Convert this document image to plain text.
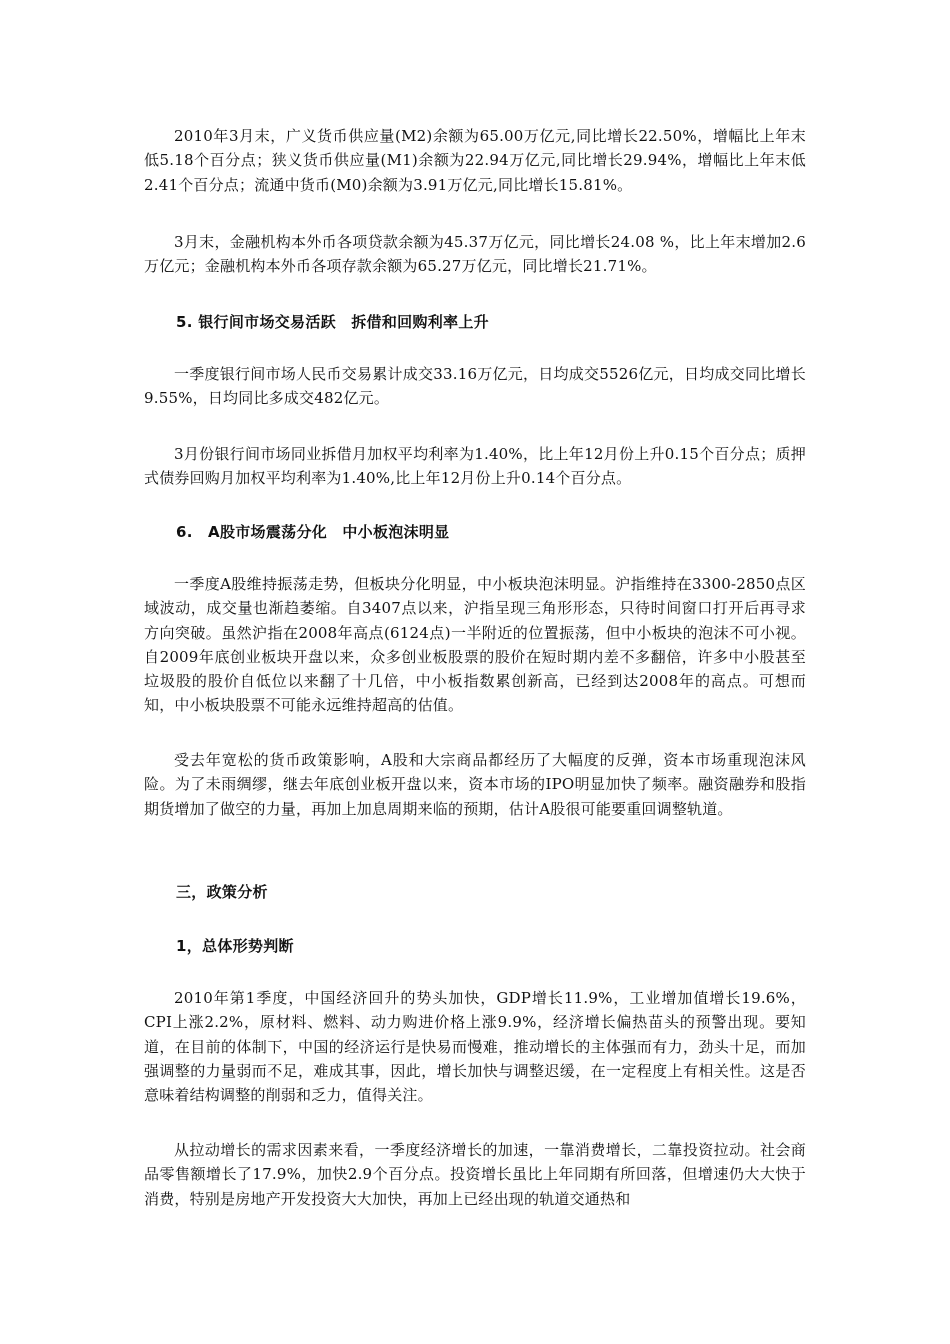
2010年3月末，广义货币供应量(M2)余额为65.00万亿元,同比增长22.50%，增幅比上年末低5.18个百分点；狭义货币供应量(M1)余额为22.94万亿元,同比增长29.94%，增幅比上年末低2.41个百分点；流通中货币(M0)余额为3.91万亿元,同比增长15.81%。

3月末，金融机构本外币各项贷款余额为45.37万亿元，同比增长24.08 %，比上年末增加2.6万亿元；金融机构本外币各项存款余额为65.27万亿元，同比增长21.71%。

5. 银行间市场交易活跃　拆借和回购利率上升

一季度银行间市场人民币交易累计成交33.16万亿元，日均成交5526亿元，日均成交同比增长9.55%，日均同比多成交482亿元。

3月份银行间市场同业拆借月加权平均利率为1.40%，比上年12月份上升0.15个百分点；质押式债券回购月加权平均利率为1.40%,比上年12月份上升0.14个百分点。

6.　A股市场震荡分化　中小板泡沫明显

一季度A股维持振荡走势，但板块分化明显，中小板块泡沫明显。沪指维持在3300-2850点区域波动，成交量也渐趋萎缩。自3407点以来，沪指呈现三角形形态，只待时间窗口打开后再寻求方向突破。虽然沪指在2008年高点(6124点)一半附近的位置振荡，但中小板块的泡沫不可小视。自2009年底创业板块开盘以来，众多创业板股票的股价在短时期内差不多翻倍，许多中小股甚至垃圾股的股价自低位以来翻了十几倍，中小板指数累创新高，已经到达2008年的高点。可想而知，中小板块股票不可能永远维持超高的估值。

受去年宽松的货币政策影响，A股和大宗商品都经历了大幅度的反弹，资本市场重现泡沫风险。为了未雨绸缪，继去年底创业板开盘以来，资本市场的IPO明显加快了频率。融资融券和股指期货增加了做空的力量，再加上加息周期来临的预期，估计A股很可能要重回调整轨道。

三，政策分析

1，总体形势判断

2010年第1季度，中国经济回升的势头加快，GDP增长11.9%，工业增加值增长19.6%，CPI上涨2.2%，原材料、燃料、动力购进价格上涨9.9%，经济增长偏热苗头的预警出现。要知道，在目前的体制下，中国的经济运行是快易而慢难，推动增长的主体强而有力，劲头十足，而加强调整的力量弱而不足，难成其事，因此，增长加快与调整迟缓，在一定程度上有相关性。这是否意味着结构调整的削弱和乏力，值得关注。

从拉动增长的需求因素来看，一季度经济增长的加速，一靠消费增长，二靠投资拉动。社会商品零售额增长了17.9%，加快2.9个百分点。投资增长虽比上年同期有所回落，但增速仍大大快于消费，特别是房地产开发投资大大加快，再加上已经出现的轨道交通热和
